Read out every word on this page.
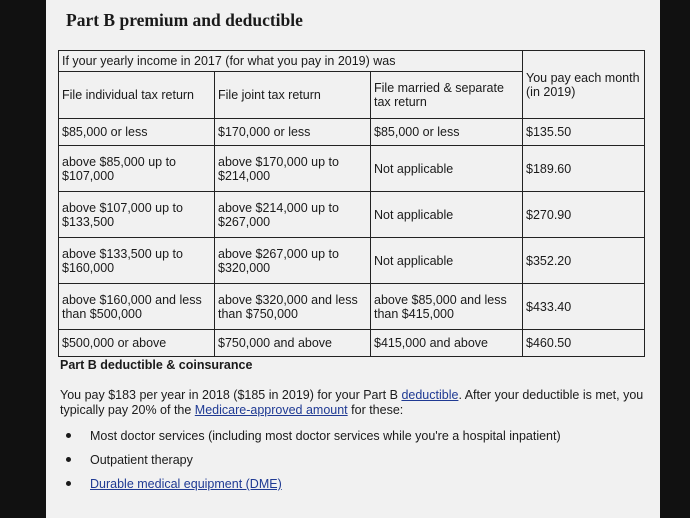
Part B premium and deductible
If your yearly income in 2017 (for what you pay in 2019) was			You pay each month (in 2019)
File individual tax return	File joint tax return	File married & separate tax return	
$85,000 or less	$170,000 or less	$85,000 or less	$135.50
above $85,000 up to $107,000	above $170,000 up to $214,000	Not applicable	$189.60
above $107,000 up to $133,500	above $214,000 up to $267,000	Not applicable	$270.90
above $133,500 up to $160,000	above $267,000 up to $320,000	Not applicable	$352.20
above $160,000 and less than $500,000	above $320,000 and less than $750,000	above $85,000 and less than $415,000	$433.40
$500,000 or above	$750,000 and above	$415,000 and above	$460.50
Part B deductible & coinsurance
You pay $183 per year in 2018 ($185 in 2019) for your Part B deductible. After your deductible is met, you typically pay 20% of the Medicare-approved amount for these:
Most doctor services (including most doctor services while you're a hospital inpatient)
Outpatient therapy
Durable medical equipment (DME)
